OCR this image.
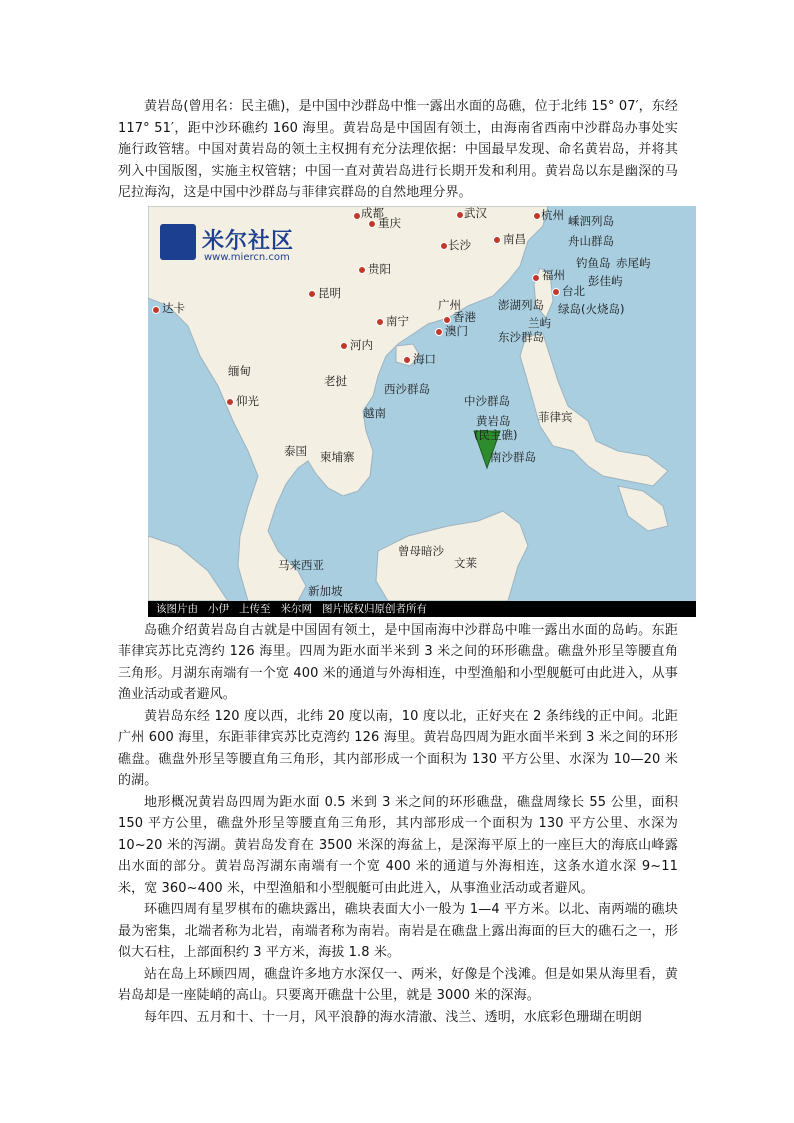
黄岩岛(曾用名：民主礁)，是中国中沙群岛中惟一露出水面的岛礁，位于北纬 15° 07′，东经 117° 51′，距中沙环礁约 160 海里。黄岩岛是中国固有领土，由海南省西南中沙群岛办事处实施行政管辖。中国对黄岩岛的领土主权拥有充分法理依据：中国最早发现、命名黄岩岛，并将其列入中国版图，实施主权管辖；中国一直对黄岩岛进行长期开发和利用。黄岩岛以东是幽深的马尼拉海沟，这是中国中沙群岛与菲律宾群岛的自然地理分界。

米尔社区
www.miercn.com
成都
重庆
武汉	杭州 嵊泗列岛
舟山群岛
长沙	南昌
贵阳	福州
钓鱼岛 赤尾屿
彭佳屿
台北
昆明
澎湖列岛 绿岛(火烧岛)
达卡	广州
南宁	香港
澳门
兰屿
东沙群岛
河内
海口
缅甸
老挝
西沙群岛
仰光	中沙群岛
越南
黄岩岛
(民主礁)
菲律宾
泰国 柬埔寨	南沙群岛
曾母暗沙
马来西亚	文莱
新加坡
该图片由   小伊   上传至   米尔网   图片版权归原创者所有

岛礁介绍黄岩岛自古就是中国固有领土，是中国南海中沙群岛中唯一露出水面的岛屿。东距菲律宾苏比克湾约 126 海里。四周为距水面半米到 3 米之间的环形礁盘。礁盘外形呈等腰直角三角形。月湖东南端有一个宽 400 米的通道与外海相连，中型渔船和小型舰艇可由此进入，从事渔业活动或者避风。

黄岩岛东经 120 度以西，北纬 20 度以南，10 度以北，正好夹在 2 条纬线的正中间。北距广州 600 海里，东距菲律宾苏比克湾约 126 海里。黄岩岛四周为距水面半米到 3 米之间的环形礁盘。礁盘外形呈等腰直角三角形，其内部形成一个面积为 130 平方公里、水深为 10—20 米的湖。

地形概况黄岩岛四周为距水面 0.5 米到 3 米之间的环形礁盘，礁盘周缘长 55 公里，面积 150 平方公里，礁盘外形呈等腰直角三角形，其内部形成一个面积为 130 平方公里、水深为 10~20 米的泻湖。黄岩岛发育在 3500 米深的海盆上，是深海平原上的一座巨大的海底山峰露出水面的部分。黄岩岛泻湖东南端有一个宽 400 米的通道与外海相连，这条水道水深 9~11 米，宽 360~400 米，中型渔船和小型舰艇可由此进入，从事渔业活动或者避风。

环礁四周有星罗棋布的礁块露出，礁块表面大小一般为 1—4 平方米。以北、南两端的礁块最为密集，北端者称为北岩，南端者称为南岩。南岩是在礁盘上露出海面的巨大的礁石之一，形似大石柱，上部面积约 3 平方米，海拔 1.8 米。

站在岛上环顾四周，礁盘许多地方水深仅一、两米，好像是个浅滩。但是如果从海里看，黄岩岛却是一座陡峭的高山。只要离开礁盘十公里，就是 3000 米的深海。

每年四、五月和十、十一月，风平浪静的海水清澈、浅兰、透明，水底彩色珊瑚在明朗
